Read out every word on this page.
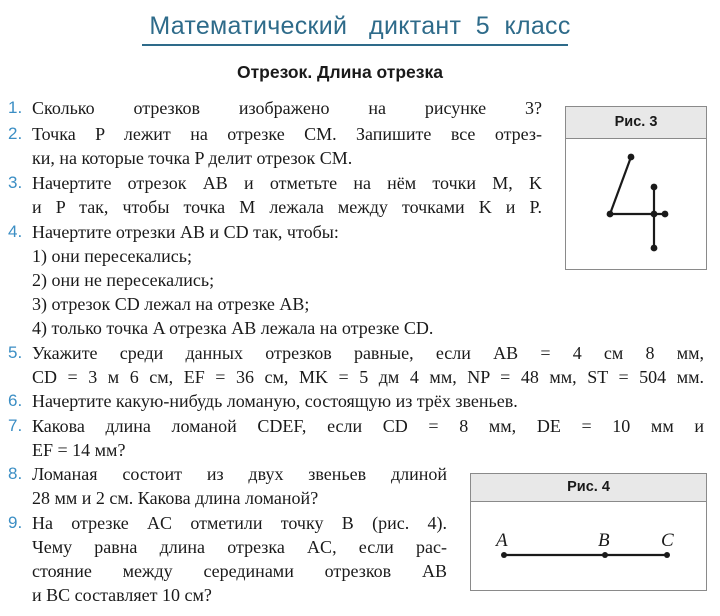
Математический   диктант  5  класс
Отрезок. Длина отрезка
1. Сколько отрезков изображено на рисунке 3?
2. Точка P лежит на отрезке CM. Запишите все отрез-
ки, на которые точка P делит отрезок CM.
3. Начертите отрезок AB и отметьте на нём точки M, K
и P так, чтобы точка M лежала между точками K и P.
4. Начертите отрезки AB и CD так, чтобы:
1) они пересекались;
2) они не пересекались;
3) отрезок CD лежал на отрезке AB;
4) только точка A отрезка AB лежала на отрезке CD.
5. Укажите среди данных отрезков равные, если AB = 4 см 8 мм,
CD = 3 м 6 см, EF = 36 см, MK = 5 дм 4 мм, NP = 48 мм, ST = 504 мм.
6. Начертите какую-нибудь ломаную, состоящую из трёх звеньев.
7. Какова длина ломаной CDEF, если CD = 8 мм, DE = 10 мм и
EF = 14 мм?
8. Ломаная состоит из двух звеньев длиной
28 мм и 2 см. Какова длина ломаной?
9. На отрезке AC отметили точку B (рис. 4).
Чему равна длина отрезка AC, если рас-
стояние между серединами отрезков AB
и BC составляет 10 см?
Рис. 3
Рис. 4
A	B	C
